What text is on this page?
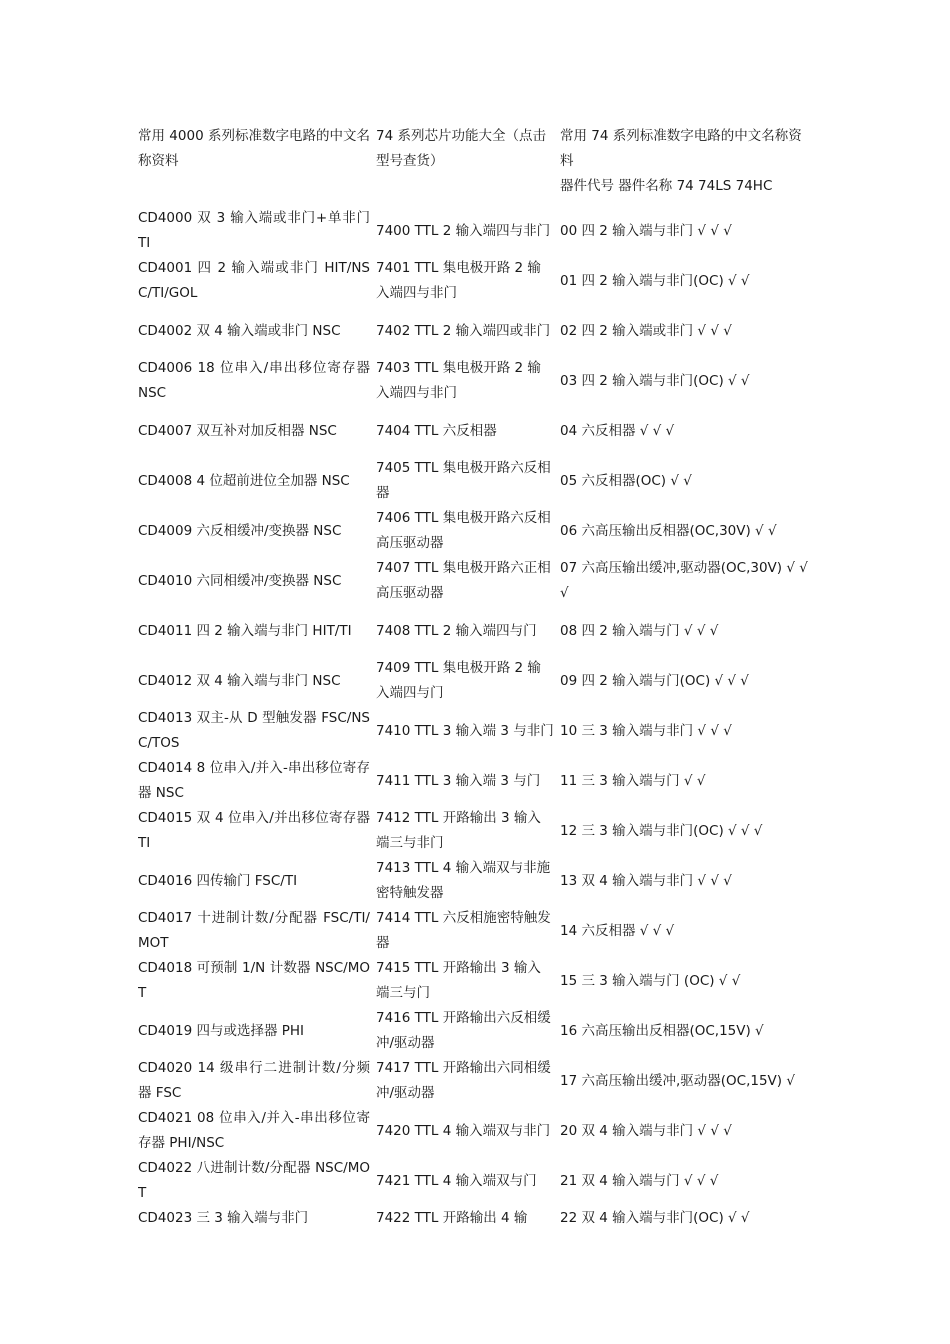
常用 4000 系列标准数字电路的中文名称资料	74 系列芯片功能大全（点击型号查货）	常用 74 系列标准数字电路的中文名称资料
器件代号 器件名称 74 74LS 74HC

CD4000 双 3 输入端或非门+单非门 TI	7400 TTL 2 输入端四与非门	00 四 2 输入端与非门 √ √ √
CD4001 四 2 输入端或非门 HIT/NSC/TI/GOL	7401 TTL 集电极开路 2 输入端四与非门	01 四 2 输入端与非门(OC) √ √
CD4002 双 4 输入端或非门 NSC	7402 TTL 2 输入端四或非门	02 四 2 输入端或非门 √ √ √
CD4006 18 位串入/串出移位寄存器 NSC	7403 TTL 集电极开路 2 输入端四与非门	03 四 2 输入端与非门(OC) √ √
CD4007 双互补对加反相器 NSC	7404 TTL 六反相器	04 六反相器 √ √ √
CD4008 4 位超前进位全加器 NSC	7405 TTL 集电极开路六反相器	05 六反相器(OC) √ √
CD4009 六反相缓冲/变换器 NSC	7406 TTL 集电极开路六反相高压驱动器	06 六高压输出反相器(OC,30V) √ √
CD4010 六同相缓冲/变换器 NSC	7407 TTL 集电极开路六正相高压驱动器	07 六高压输出缓冲,驱动器(OC,30V) √ √ √
CD4011 四 2 输入端与非门 HIT/TI	7408 TTL 2 输入端四与门	08 四 2 输入端与门 √ √ √
CD4012 双 4 输入端与非门 NSC	7409 TTL 集电极开路 2 输入端四与门	09 四 2 输入端与门(OC) √ √ √
CD4013 双主-从 D 型触发器 FSC/NSC/TOS	7410 TTL 3 输入端 3 与非门	10 三 3 输入端与非门 √ √ √
CD4014 8 位串入/并入-串出移位寄存器 NSC	7411 TTL 3 输入端 3 与门	11 三 3 输入端与门 √ √
CD4015 双 4 位串入/并出移位寄存器 TI	7412 TTL 开路输出 3 输入端三与非门	12 三 3 输入端与非门(OC) √ √ √
CD4016 四传输门 FSC/TI	7413 TTL 4 输入端双与非施密特触发器	13 双 4 输入端与非门 √ √ √
CD4017 十进制计数/分配器 FSC/TI/MOT	7414 TTL 六反相施密特触发器	14 六反相器 √ √ √
CD4018 可预制 1/N 计数器 NSC/MOT	7415 TTL 开路输出 3 输入端三与门	15 三 3 输入端与门 (OC) √ √
CD4019 四与或选择器 PHI	7416 TTL 开路输出六反相缓冲/驱动器	16 六高压输出反相器(OC,15V) √
CD4020 14 级串行二进制计数/分频器 FSC	7417 TTL 开路输出六同相缓冲/驱动器	17 六高压输出缓冲,驱动器(OC,15V) √
CD4021 08 位串入/并入-串出移位寄存器 PHI/NSC	7420 TTL 4 输入端双与非门	20 双 4 输入端与非门 √ √ √
CD4022 八进制计数/分配器 NSC/MOT	7421 TTL 4 输入端双与门	21 双 4 输入端与门 √ √ √
CD4023 三 3 输入端与非门	7422 TTL 开路输出 4 输	22 双 4 输入端与非门(OC) √ √
